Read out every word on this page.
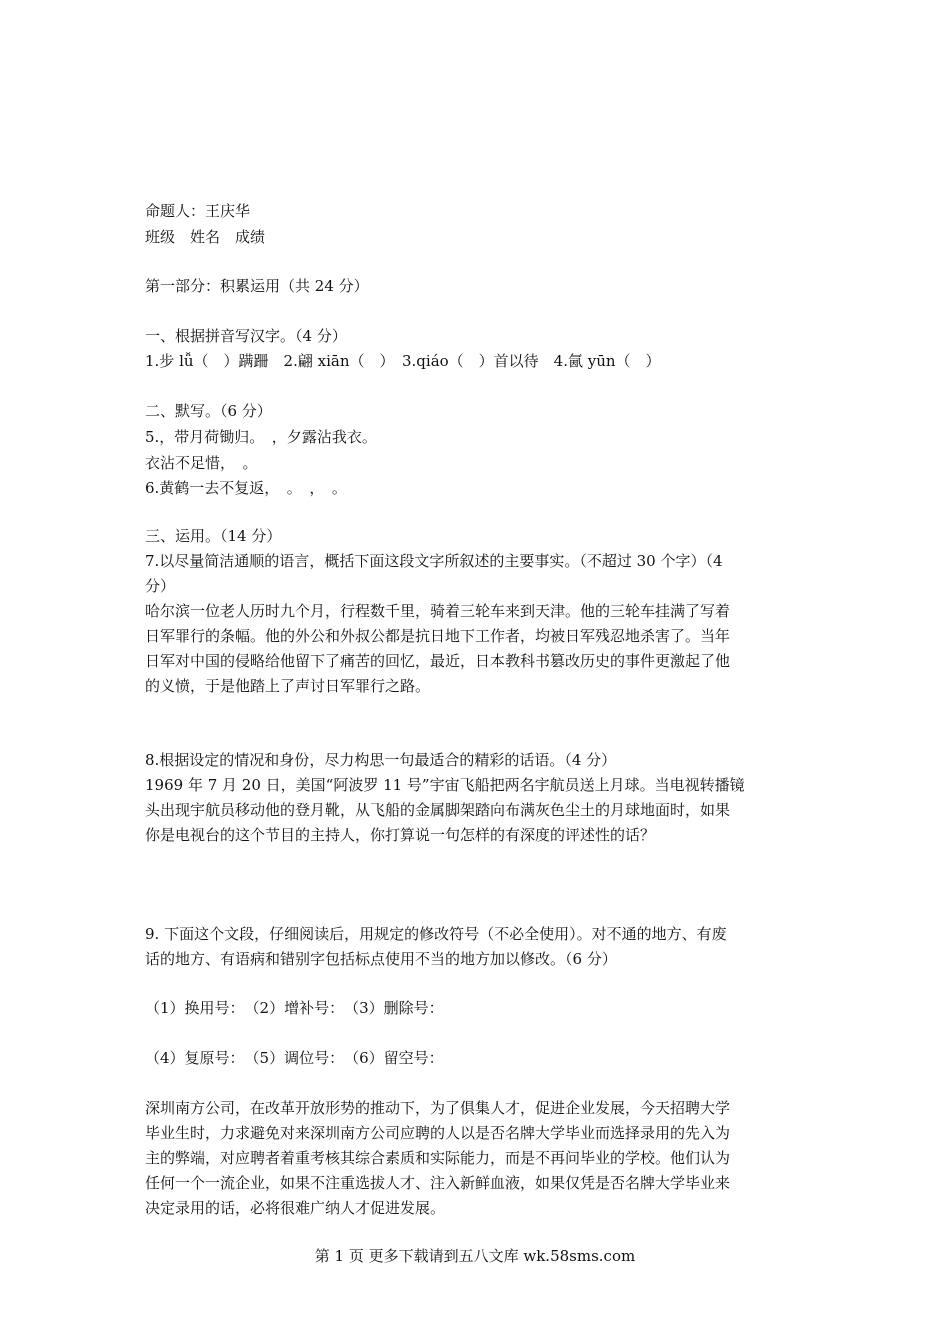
命题人：王庆华
班级　姓名　成绩
第一部分：积累运用（共 24 分）
一、根据拼音写汉字。（4 分）
1.步 lǚ（　）蹒跚　2.翩 xiān（　）　3.qiáo（　）首以待　4.氤 yūn（　）
二、默写。（6 分）
5.，带月荷锄归。　，夕露沾我衣。
衣沾不足惜，　。
6.黄鹤一去不复返，　。　，　。
三、运用。（14 分）
7.以尽量简洁通顺的语言，概括下面这段文字所叙述的主要事实。（不超过 30 个字）（4
分）
哈尔滨一位老人历时九个月，行程数千里，骑着三轮车来到天津。他的三轮车挂满了写着
日军罪行的条幅。他的外公和外叔公都是抗日地下工作者，均被日军残忍地杀害了。当年
日军对中国的侵略给他留下了痛苦的回忆，最近，日本教科书篡改历史的事件更激起了他
的义愤，于是他踏上了声讨日军罪行之路。
8.根据设定的情况和身份，尽力构思一句最适合的精彩的话语。（4 分）
1969 年 7 月 20 日，美国“阿波罗 11 号”宇宙飞船把两名宇航员送上月球。当电视转播镜
头出现宇航员移动他的登月靴，从飞船的金属脚架踏向布满灰色尘土的月球地面时，如果
你是电视台的这个节目的主持人，你打算说一句怎样的有深度的评述性的话？
9. 下面这个文段，仔细阅读后，用规定的修改符号（不必全使用）。对不通的地方、有废
话的地方、有语病和错别字包括标点使用不当的地方加以修改。（6 分）
（1）换用号：　（2）增补号：　（3）删除号：
（4）复原号：　（5）调位号：　（6）留空号：
深圳南方公司，在改革开放形势的推动下，为了俱集人才，促进企业发展，今天招聘大学
毕业生时，力求避免对来深圳南方公司应聘的人以是否名牌大学毕业而选择录用的先入为
主的弊端，对应聘者着重考核其综合素质和实际能力，而是不再问毕业的学校。他们认为
任何一个一流企业，如果不注重选拔人才、注入新鲜血液，如果仅凭是否名牌大学毕业来
决定录用的话，必将很难广纳人才促进发展。
第 1 页 更多下载请到五八文库 wk.58sms.com
